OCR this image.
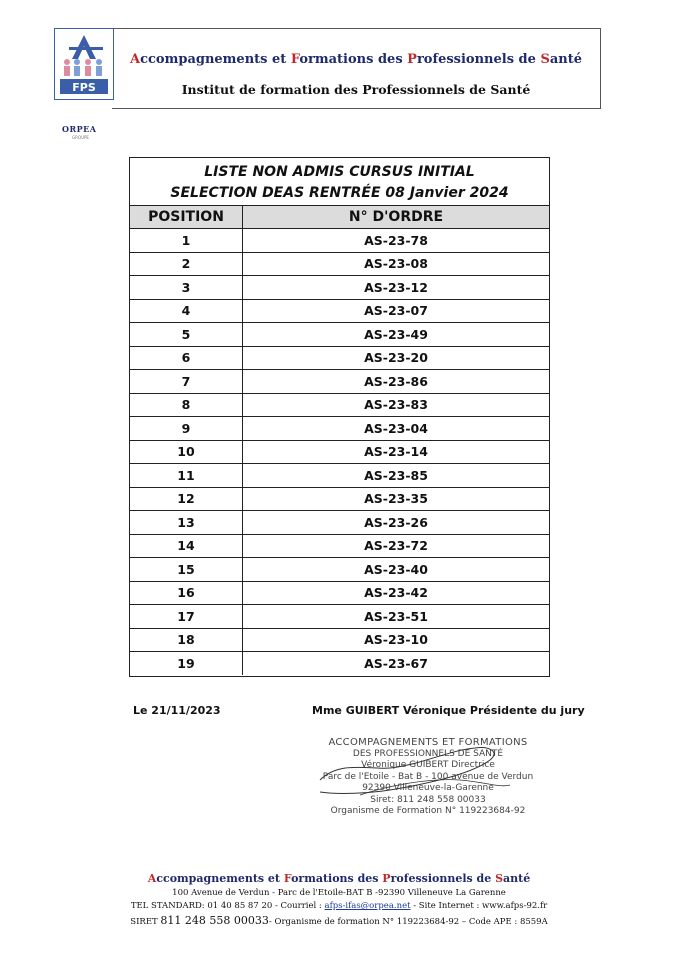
FPS
Accompagnements et Formations des Professionnels de Santé
Institut de formation des Professionnels de Santé
ORPEA
GROUPE
LISTE NON ADMIS CURSUS INITIAL
SELECTION DEAS RENTRÉE 08 Janvier 2024
POSITION	N° D'ORDRE
1	AS-23-78
2	AS-23-08
3	AS-23-12
4	AS-23-07
5	AS-23-49
6	AS-23-20
7	AS-23-86
8	AS-23-83
9	AS-23-04
10	AS-23-14
11	AS-23-85
12	AS-23-35
13	AS-23-26
14	AS-23-72
15	AS-23-40
16	AS-23-42
17	AS-23-51
18	AS-23-10
19	AS-23-67
Le 21/11/2023	Mme GUIBERT Véronique Présidente du jury
ACCOMPAGNEMENTS ET FORMATIONS
DES PROFESSIONNELS DE SANTÉ
Véronique GUIBERT Directrice
Parc de l'Etoile - Bat B - 100 avenue de Verdun
92390 Villeneuve-la-Garenne
Siret: 811 248 558 00033
Organisme de Formation N° 119223684-92
Accompagnements et Formations des Professionnels de Santé
100 Avenue de Verdun - Parc de l'Etoile-BAT B -92390 Villeneuve La Garenne
TEL STANDARD: 01 40 85 87 20 - Courriel : afps-ifas@orpea.net - Site Internet : www.afps-92.fr
SIRET 811 248 558 00033- Organisme de formation N° 119223684-92 – Code APE : 8559A
